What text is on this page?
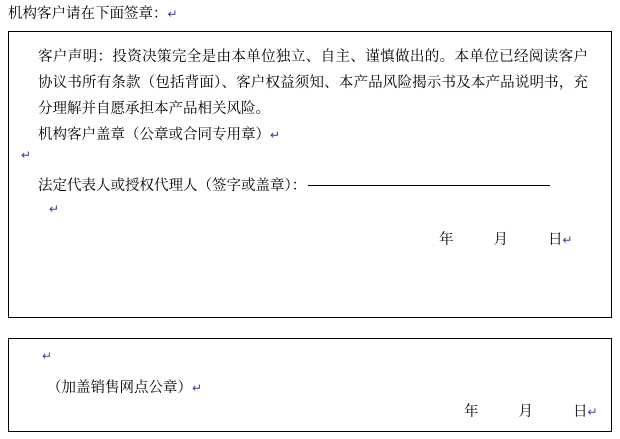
机构客户请在下面签章：↵
客户声明：投资决策完全是由本单位独立、自主、谨慎做出的。本单位已经阅读客户协议书所有条款（包括背面）、客户权益须知、本产品风险揭示书及本产品说明书，充分理解并自愿承担本产品相关风险。
机构客户盖章（公章或合同专用章）↵
↵
法定代表人或授权代理人（签字或盖章）：
↵
年	月	日↵
↵
（加盖销售网点公章）↵
年	月	日↵
